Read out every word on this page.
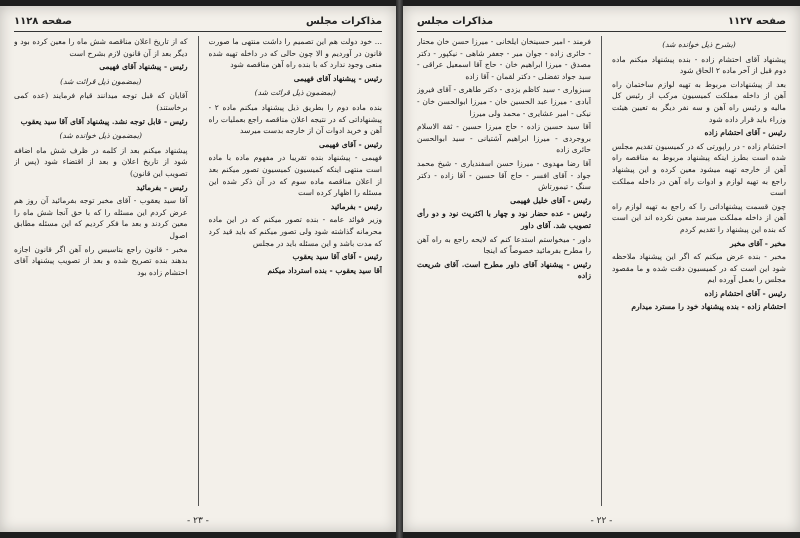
صفحه ۱۱۲۸	مذاکرات مجلس

... خود دولت هم این تصمیم را داشت منتهی ما صورت قانون در آوردیم و الا چون حالی که در داخله تهیه شده منعی وجود ندارد که با بنده راه آهن مناقصه شود

رئیس - پیشنهاد آقای فهیمی

(بمضمون ذیل قرائت شد)

بنده ماده دوم را بطریق ذیل پیشنهاد میکنم ماده ۲ - پیشنهاداتی که در نتیجه اعلان مناقصه راجع بعملیات راه آهن و خرید ادوات آن از خارجه بدست میرسد

رئیس - آقای فهیمی

فهیمی - پیشنهاد بنده تقریبا در مفهوم ماده با ماده است منتهی اینکه کمیسیون کمیسیون تصور میکنم بعد از اعلان مناقصه ماده سوم که در آن ذکر شده این مسئله را اظهار کرده است

رئیس - بفرمائید

وزیر فوائد عامه - بنده تصور میکنم که در این ماده محرمانه گذاشته شود ولی تصور میکنم که باید قید کرد که مدت باشد و این مسئله باید در مجلس

رئیس - آقای آقا سید یعقوب

آقا سید یعقوب - بنده استرداد میکنم

که از تاریخ اعلان مناقصه شش ماه را معین کرده بود و دیگر بعد از آن قانون لازم بشرح است

رئیس - پیشنهاد آقای فهیمی

(بمضمون ذیل قرائت شد)

آقایان که قبل توجه میدانند قیام فرمایند (عده کمی برخاستند)

رئیس - قابل توجه نشد. پیشنهاد آقای آقا سید یعقوب

(بمضمون ذیل خوانده شد)

پیشنهاد میکنم بعد از کلمه در ظرف شش ماه اضافه شود از تاریخ اعلان و بعد از اقتضاء شود (پس از تصویب این قانون)

رئیس - بفرمائید

آقا سید یعقوب - آقای مخبر توجه بفرمائید آن روز هم عرض کردم این مسئله را که با حق آنجا شش ماه را معین کردند و بعد ما فکر کردیم که این مسئله مطابق اصول

مخبر - قانون راجع بتاسیس راه آهن اگر قانون اجازه بدهند بنده تصریح شده و بعد از تصویب پیشنهاد آقای احتشام زاده بود

- ۲۳ -
صفحه ۱۱۲۷
مذاکرات مجلس

(بشرح ذیل خوانده شد)

پیشنهاد آقای احتشام زاده - بنده پیشنهاد میکنم ماده دوم قبل از آخر ماده ۲ الحاق شود

بعد از پیشنهادات مربوط به تهیه لوازم ساختمان راه آهن از داخله مملکت کمیسیون مرکب از رئیس کل مالیه و رئیس راه آهن و سه نفر دیگر به تعیین هیئت وزراء باید قرار داده شود

رئیس - آقای احتشام زاده

احتشام زاده - در راپورتی که در کمیسیون تقدیم مجلس شده است بطرز اینکه پیشنهاد مربوط به مناقصه راه آهن از خارجه تهیه میشود معین کرده و این پیشنهاد راجع به تهیه لوازم و ادوات راه آهن در داخله مملکت است

چون قسمت پیشنهاداتی را که راجع به تهیه لوازم راه آهن از داخله مملکت میرسد معین نکرده اند این است که بنده این پیشنهاد را تقدیم کردم

مخبر - آقای مخبر

مخبر - بنده عرض میکنم که اگر این پیشنهاد ملاحظه شود این است که در کمیسیون دقت شده و ما مقصود مجلس را بعمل آورده ایم

رئیس - آقای احتشام زاده

احتشام زاده - بنده پیشنهاد خود را مسترد میدارم

فرمند - امیر حسینخان ایلخانی - میرزا حسن خان محتار - حائری زاده - جوان میر - جعفر شاهی - نیکپور - دکتر مصدق - میرزا ابراهیم خان - حاج آقا اسمعیل عراقی - سید جواد تفضلی - دکتر لقمان - آقا زاده

سبزواری - سید کاظم یزدی - دکتر طاهری - آقای فیروز آبادی - میرزا عبد الحسین خان - میرزا ابوالحسن خان - نیکی - امیر عشایری - محمد ولی میرزا

آقا سید حسین زاده - حاج میرزا حسین - ثقة الاسلام بروجردی - میرزا ابراهیم آشتیانی - سید ابوالحسن حائری زاده

آقا رضا مهدوی - میرزا حسن اسفندیاری - شیخ محمد جواد - آقای افسر - حاج آقا حسین - آقا زاده - دکتر سنگ - تیمورتاش

رئیس - آقای خلیل فهیمی

رئیس - عده حضار نود و چهار با اکثریت نود و دو رأی تصویب شد. آقای داور

داور - میخواستم استدعا کنم که لایحه راجع به راه آهن را مطرح بفرمائید خصوصاً که اینجا

رئیس - پیشنهاد آقای داور مطرح است. آقای شریعت زاده

- ۲۲ -
